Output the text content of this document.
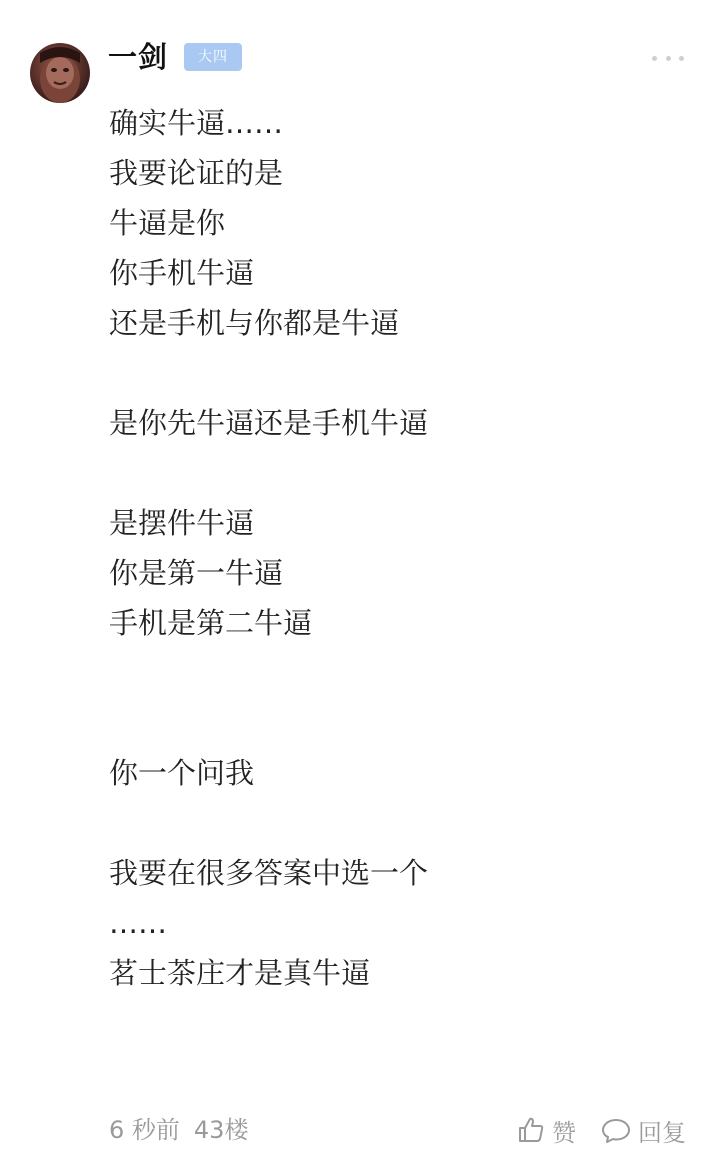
一剑	大四
确实牛逼……
我要论证的是
牛逼是你
你手机牛逼
还是手机与你都是牛逼
是你先牛逼还是手机牛逼
是摆件牛逼
你是第一牛逼
手机是第二牛逼
你一个问我
我要在很多答案中选一个
……
茗士茶庄才是真牛逼
6 秒前 43楼	赞	回复
